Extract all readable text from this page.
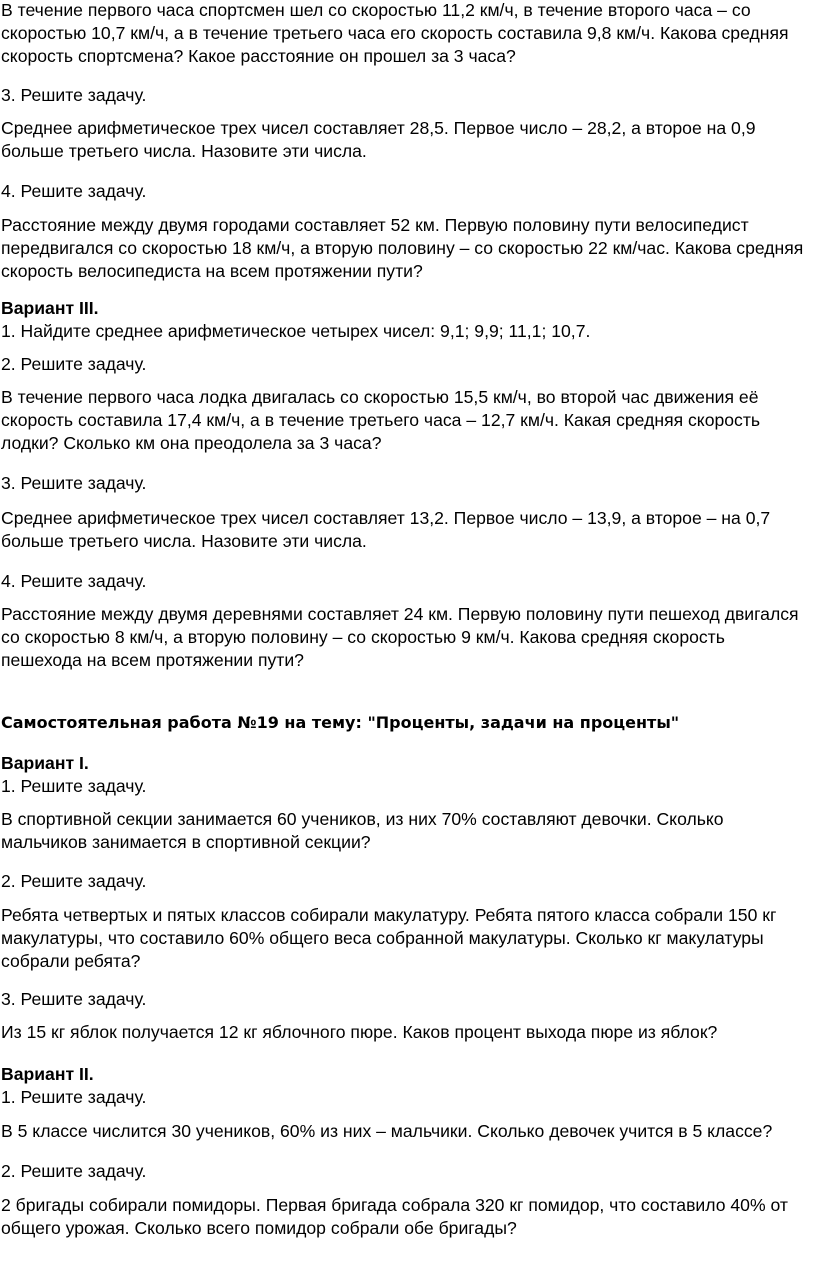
В течение первого часа спортсмен шел со скоростью 11,2 км/ч, в течение второго часа – со скоростью 10,7 км/ч, а в течение третьего часа его скорость составила 9,8 км/ч. Какова средняя скорость спортсмена? Какое расстояние он прошел за 3 часа?

3. Решите задачу.

Среднее арифметическое трех чисел составляет 28,5. Первое число – 28,2, а второе на 0,9 больше третьего числа. Назовите эти числа.

4. Решите задачу.

Расстояние между двумя городами составляет 52 км. Первую половину пути велосипедист передвигался со скоростью 18 км/ч, а вторую половину – со скоростью 22 км/час. Какова средняя скорость велосипедиста на всем протяжении пути?

Вариант III.

1. Найдите среднее арифметическое четырех чисел: 9,1; 9,9; 11,1; 10,7.

2. Решите задачу.

В течение первого часа лодка двигалась со скоростью 15,5 км/ч, во второй час движения её скорость составила 17,4 км/ч, а в течение третьего часа – 12,7 км/ч. Какая средняя скорость лодки? Сколько км она преодолела за 3 часа?

3. Решите задачу.

Среднее арифметическое трех чисел составляет 13,2. Первое число – 13,9, а второе – на 0,7 больше третьего числа. Назовите эти числа.

4. Решите задачу.

Расстояние между двумя деревнями составляет 24 км. Первую половину пути пешеход двигался со скоростью 8 км/ч, а вторую половину – со скоростью 9 км/ч. Какова средняя скорость пешехода на всем протяжении пути?

Самостоятельная работа №19 на тему: "Проценты, задачи на проценты"

Вариант I.

1. Решите задачу.

В спортивной секции занимается 60 учеников, из них 70% составляют девочки. Сколько мальчиков занимается в спортивной секции?

2. Решите задачу.

Ребята четвертых и пятых классов собирали макулатуру. Ребята пятого класса собрали 150 кг макулатуры, что составило 60% общего веса собранной макулатуры. Сколько кг макулатуры собрали ребята?

3. Решите задачу.

Из 15 кг яблок получается 12 кг яблочного пюре. Каков процент выхода пюре из яблок?

Вариант II.

1. Решите задачу.

В 5 классе числится 30 учеников, 60% из них – мальчики. Сколько девочек учится в 5 классе?

2. Решите задачу.

2 бригады собирали помидоры. Первая бригада собрала 320 кг помидор, что составило 40% от общего урожая. Сколько всего помидор собрали обе бригады?
